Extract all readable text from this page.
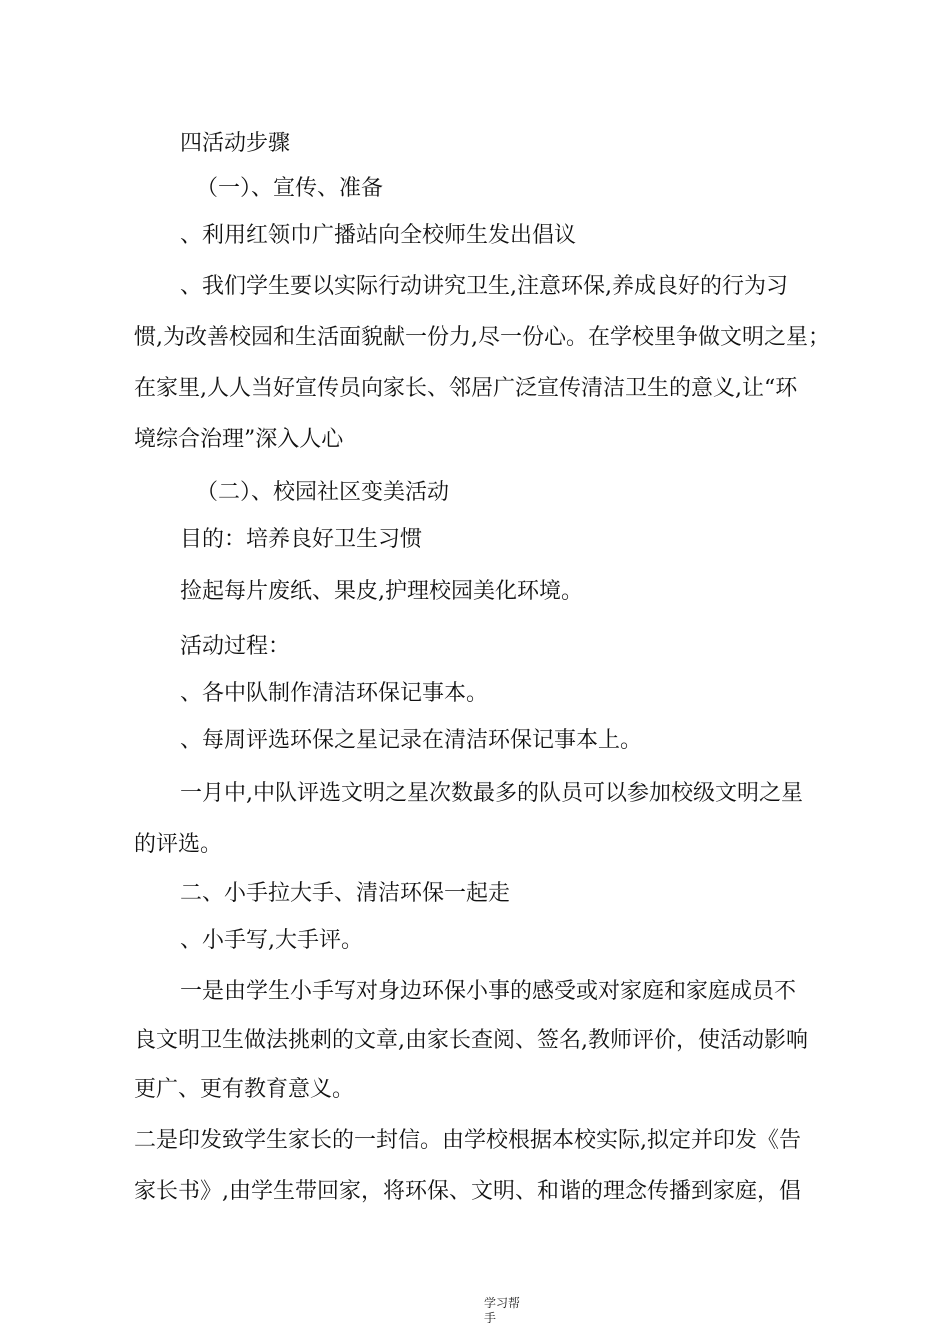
四活动步骤
（一）、宣传、准备
、利用红领巾广播站向全校师生发出倡议
、我们学生要以实际行动讲究卫生,注意环保,养成良好的行为习
惯,为改善校园和生活面貌献一份力,尽一份心。在学校里争做文明之星；
在家里,人人当好宣传员向家长、邻居广泛宣传清洁卫生的意义,让“环
境综合治理”深入人心
（二）、校园社区变美活动
目的：培养良好卫生习惯
捡起每片废纸、果皮,护理校园美化环境。
活动过程：
、各中队制作清洁环保记事本。
、每周评选环保之星记录在清洁环保记事本上。
一月中,中队评选文明之星次数最多的队员可以参加校级文明之星
的评选。
二、小手拉大手、清洁环保一起走
、小手写,大手评。
一是由学生小手写对身边环保小事的感受或对家庭和家庭成员不
良文明卫生做法挑刺的文章,由家长查阅、签名,教师评价，使活动影响
更广、更有教育意义。
二是印发致学生家长的一封信。由学校根据本校实际,拟定并印发《告
家长书》,由学生带回家，将环保、文明、和谐的理念传播到家庭，倡
学习帮
手
